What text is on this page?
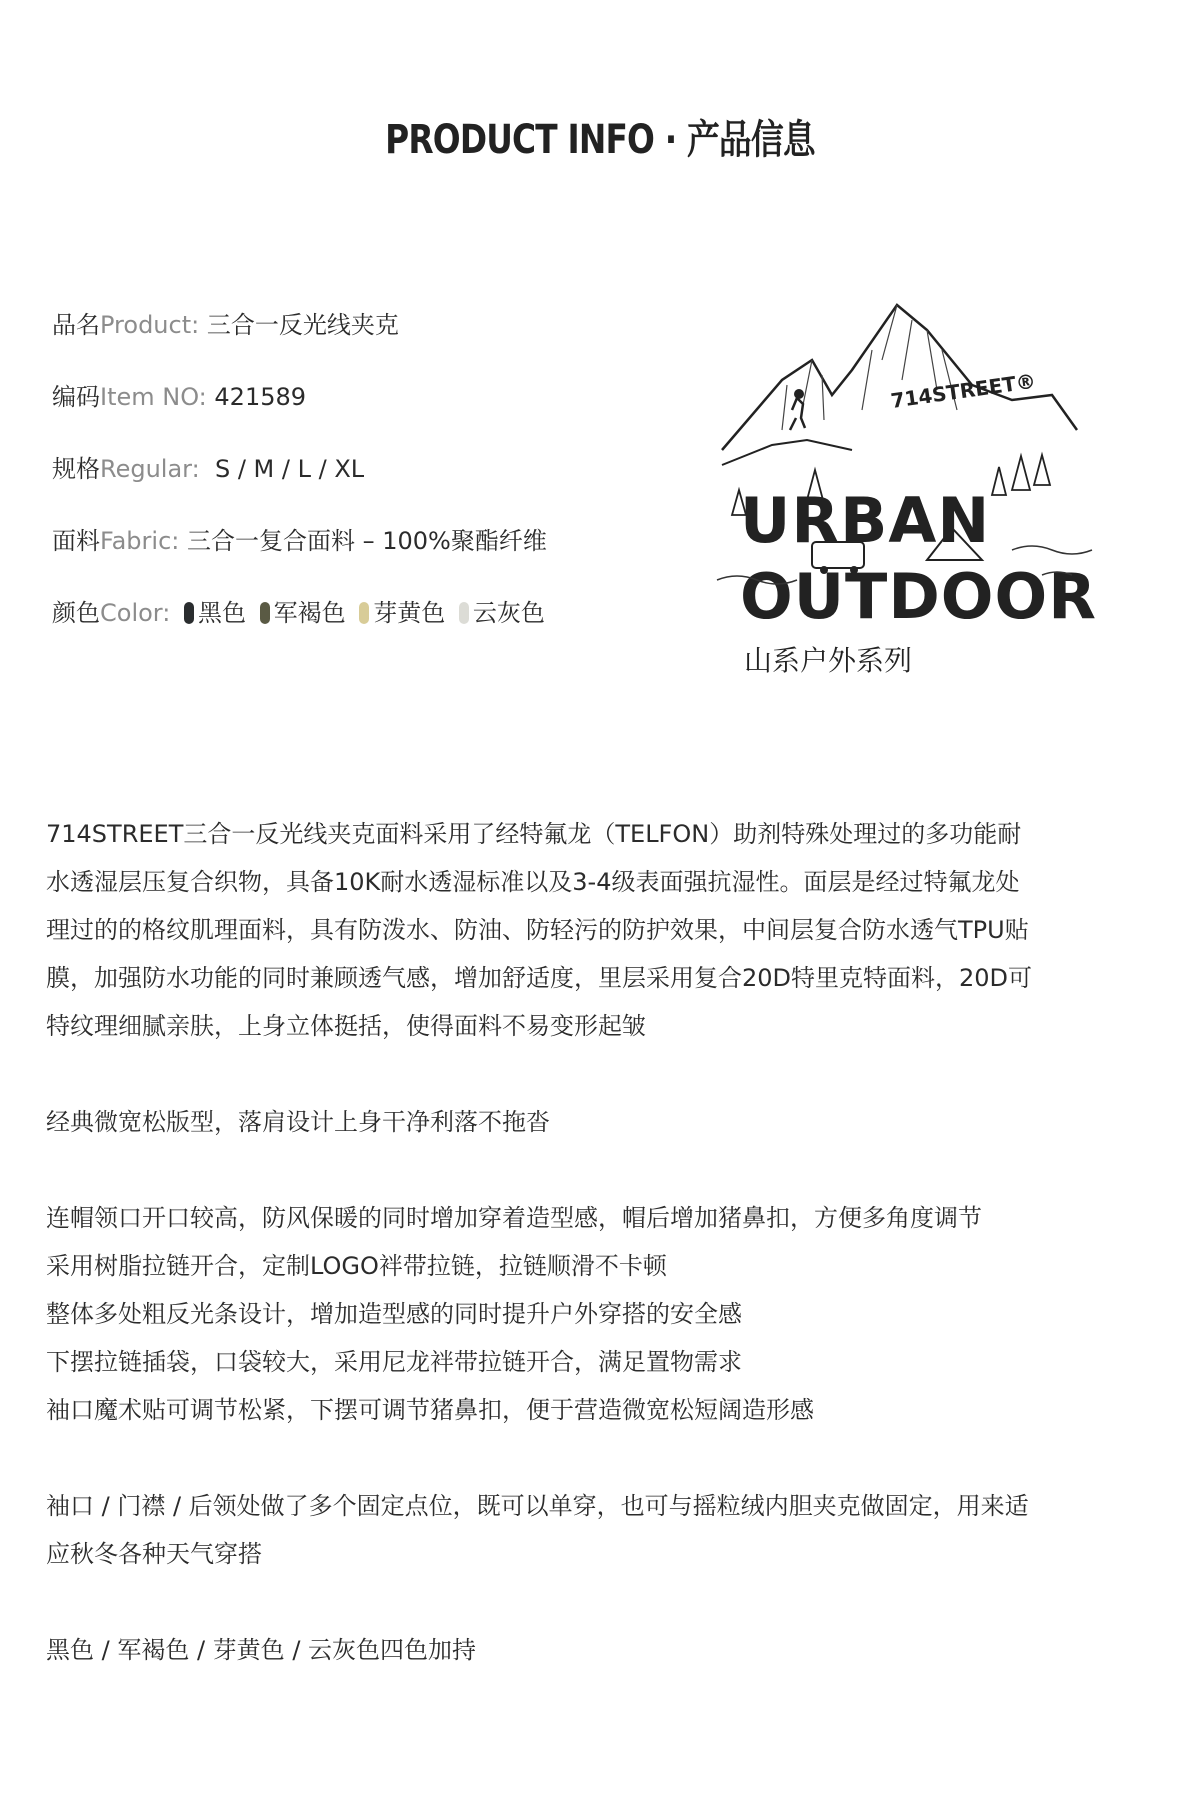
PRODUCT INFO · 产品信息
品名Product: 三合一反光线夹克
编码Item NO: 421589
规格Regular:  S / M / L / XL
面料Fabric: 三合一复合面料 – 100%聚酯纤维
颜色Color: 黑色 军褐色 芽黄色 云灰色
714STREET®
URBAN
OUTDOOR
山系户外系列
714STREET三合一反光线夹克面料采用了经特氟龙（TELFON）助剂特殊处理过的多功能耐
水透湿层压复合织物，具备10K耐水透湿标准以及3-4级表面强抗湿性。面层是经过特氟龙处
理过的的格纹肌理面料，具有防泼水、防油、防轻污的防护效果，中间层复合防水透气TPU贴
膜，加强防水功能的同时兼顾透气感，增加舒适度，里层采用复合20D特里克特面料，20D可
特纹理细腻亲肤，上身立体挺括，使得面料不易变形起皱
经典微宽松版型，落肩设计上身干净利落不拖沓
连帽领口开口较高，防风保暖的同时增加穿着造型感，帽后增加猪鼻扣，方便多角度调节
采用树脂拉链开合，定制LOGO袢带拉链，拉链顺滑不卡顿
整体多处粗反光条设计，增加造型感的同时提升户外穿搭的安全感
下摆拉链插袋，口袋较大，采用尼龙袢带拉链开合，满足置物需求
袖口魔术贴可调节松紧，下摆可调节猪鼻扣，便于营造微宽松短阔造形感
袖口 / 门襟 / 后领处做了多个固定点位，既可以单穿，也可与摇粒绒内胆夹克做固定，用来适
应秋冬各种天气穿搭
黑色 / 军褐色 / 芽黄色 / 云灰色四色加持
